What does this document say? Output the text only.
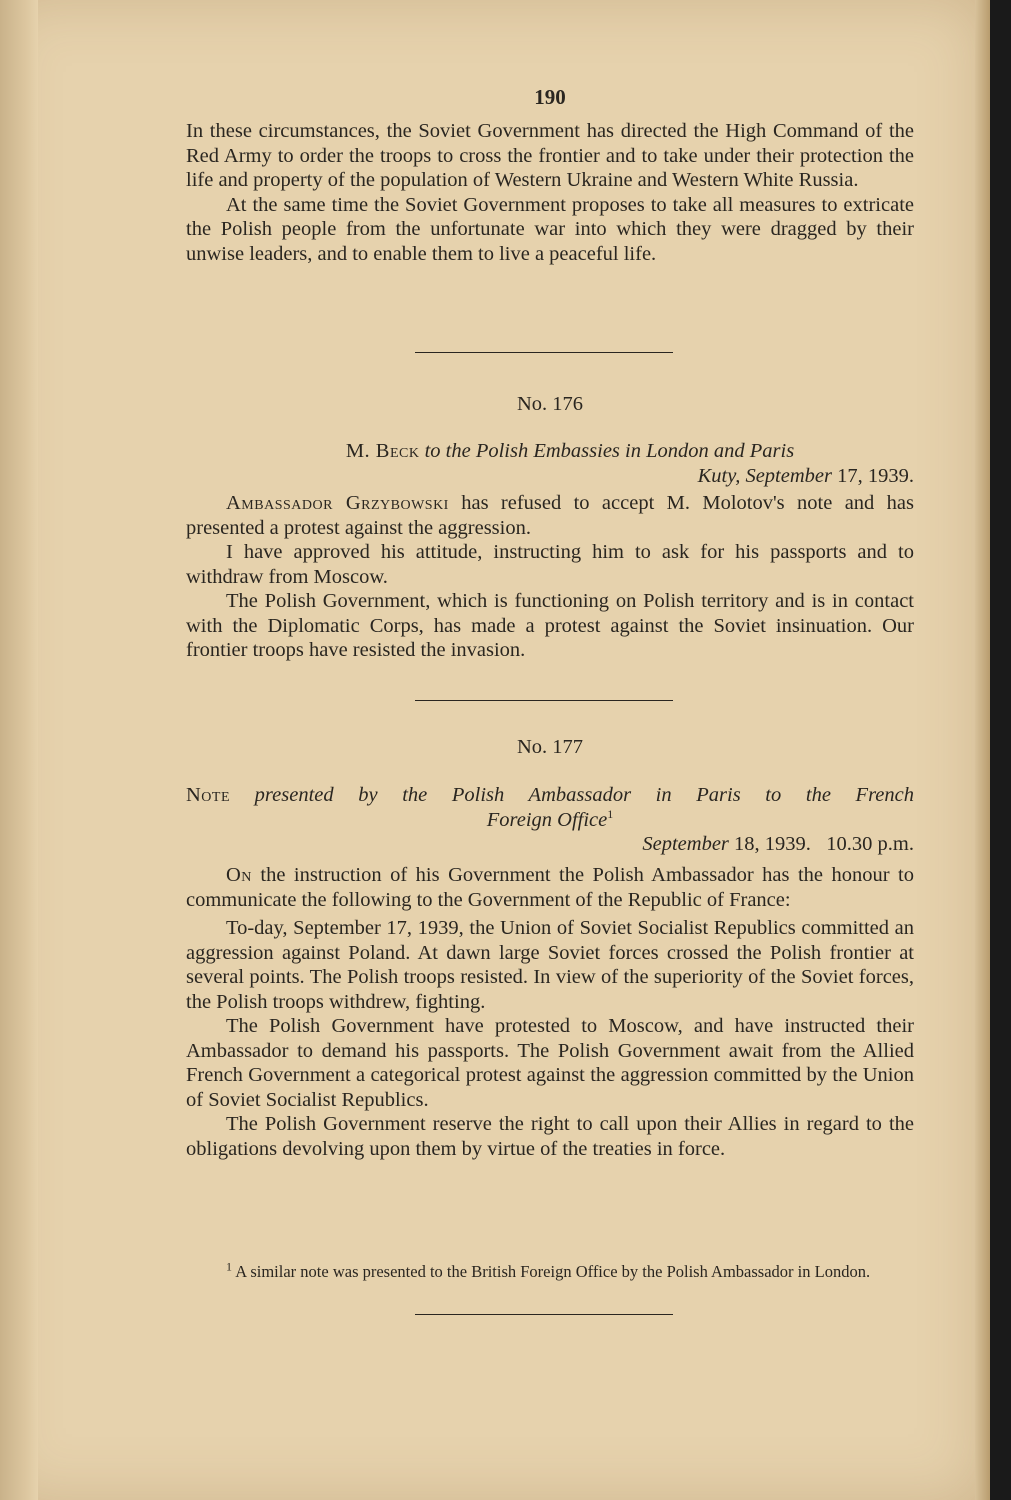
190

In these circumstances, the Soviet Government has directed the High Command of the Red Army to order the troops to cross the frontier and to take under their protection the life and property of the population of Western Ukraine and Western White Russia.

At the same time the Soviet Government proposes to take all measures to extricate the Polish people from the unfortunate war into which they were dragged by their unwise leaders, and to enable them to live a peaceful life.

No. 176
M. Beck to the Polish Embassies in London and Paris
Kuty, September 17, 1939.

Ambassador Grzybowski has refused to accept M. Molotov's note and has presented a protest against the aggression.

I have approved his attitude, instructing him to ask for his passports and to withdraw from Moscow.

The Polish Government, which is functioning on Polish territory and is in contact with the Diplomatic Corps, has made a protest against the Soviet insinuation. Our frontier troops have resisted the invasion.

No. 177
Note presented by the Polish Ambassador in Paris to the French
Foreign Office$^1$
September 18, 1939.   10.30 p.m.

On the instruction of his Government the Polish Ambassador has the honour to communicate the following to the Government of the Republic of France:

To-day, September 17, 1939, the Union of Soviet Socialist Republics committed an aggression against Poland. At dawn large Soviet forces crossed the Polish frontier at several points. The Polish troops resisted. In view of the superiority of the Soviet forces, the Polish troops withdrew, fighting.

The Polish Government have protested to Moscow, and have instructed their Ambassador to demand his passports. The Polish Government await from the Allied French Government a categorical protest against the aggression committed by the Union of Soviet Socialist Republics.

The Polish Government reserve the right to call upon their Allies in regard to the obligations devolving upon them by virtue of the treaties in force.

$^1$ A similar note was presented to the British Foreign Office by the Polish Ambassador in London.
